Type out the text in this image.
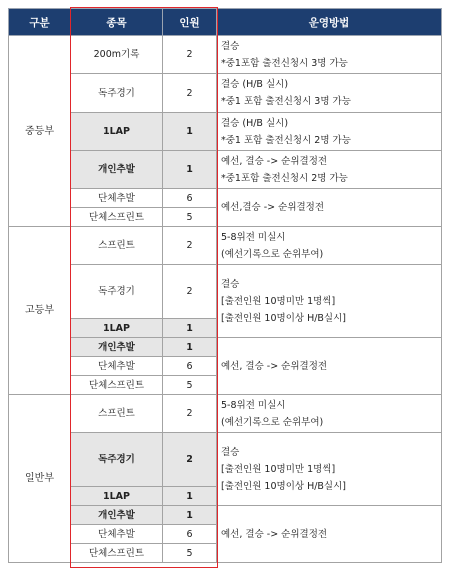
구분	종목	인원	운영방법
중등부	200m기록	2	결승
*중1포함 출전신청시 3명 가능

	독주경기	2	결승 (H/B 실시)
*중1 포함 출전신청시 3명 가능

	1LAP	1	결승 (H/B 실시)
*중1 포함 출전신청시 2명 가능

	개인추발	1	예선, 결승 -> 순위결정전
*중1포함 출전신청시 2명 가능

	단체추발	6	예선,결승 -> 순위결정전

	단체스프린트	5	
고등부	스프린트	2	5-8위전 미실시
(예선기록으로 순위부여)

	독주경기	2	결승
[출전인원 10명미만 1명씩]
[출전인원 10명이상 H/B실시]

	1LAP	1	
	개인추발	1	예선, 결승 -> 순위결정전

	단체추발	6	
	단체스프린트	5	
일반부	스프린트	2	5-8위전 미실시
(예선기록으로 순위부여)

	독주경기	2	결승
[출전인원 10명미만 1명씩]
[출전인원 10명이상 H/B실시]

	1LAP	1	
	개인추발	1	예선, 결승 -> 순위결정전

	단체추발	6	
	단체스프린트	5	
